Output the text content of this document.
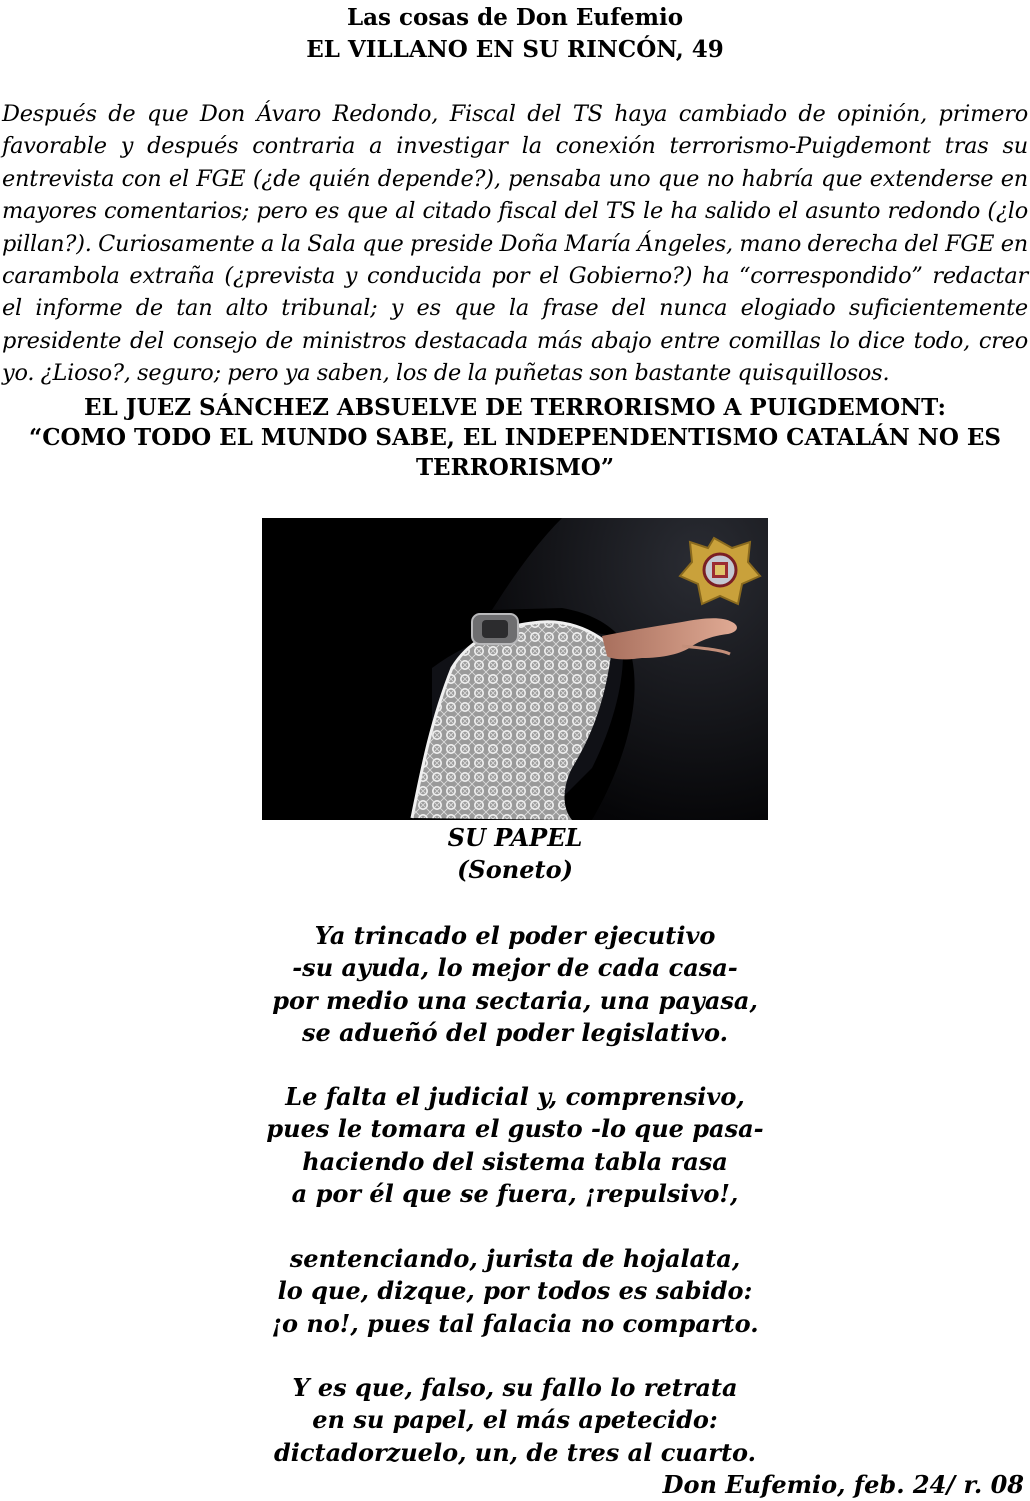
Las cosas de Don Eufemio
EL VILLANO EN SU RINCÓN, 49
Después de que Don Ávaro Redondo, Fiscal del TS haya cambiado de opinión, primero
favorable y después contraria a investigar la conexión terrorismo-Puigdemont tras su
entrevista con el FGE (¿de quién depende?), pensaba uno que no habría que extenderse en
mayores comentarios; pero es que al citado fiscal del TS le ha salido el asunto redondo (¿lo
pillan?). Curiosamente a la Sala que preside Doña María Ángeles, mano derecha del FGE en
carambola extraña (¿prevista y conducida por el Gobierno?) ha “correspondido” redactar
el informe de tan alto tribunal; y es que la frase del nunca elogiado suficientemente
presidente del consejo de ministros destacada más abajo entre comillas lo dice todo, creo
yo. ¿Lioso?, seguro; pero ya saben, los de la puñetas son bastante quisquillosos.
EL JUEZ SÁNCHEZ ABSUELVE DE TERRORISMO A PUIGDEMONT:
“COMO TODO EL MUNDO SABE, EL INDEPENDENTISMO CATALÁN NO ES
TERRORISMO”
SU PAPEL
(Soneto)
Ya trincado el poder ejecutivo
-su ayuda, lo mejor de cada casa-
por medio una sectaria, una payasa,
se adueñó del poder legislativo.
Le falta el judicial y, comprensivo,
pues le tomara el gusto -lo que pasa-
haciendo del sistema tabla rasa
a por él que se fuera, ¡repulsivo!,
sentenciando, jurista de hojalata,
lo que, dizque, por todos es sabido:
¡o no!, pues tal falacia no comparto.
Y es que, falso, su fallo lo retrata
en su papel, el más apetecido:
dictadorzuelo, un, de tres al cuarto.
Don Eufemio, feb. 24/ r. 08
